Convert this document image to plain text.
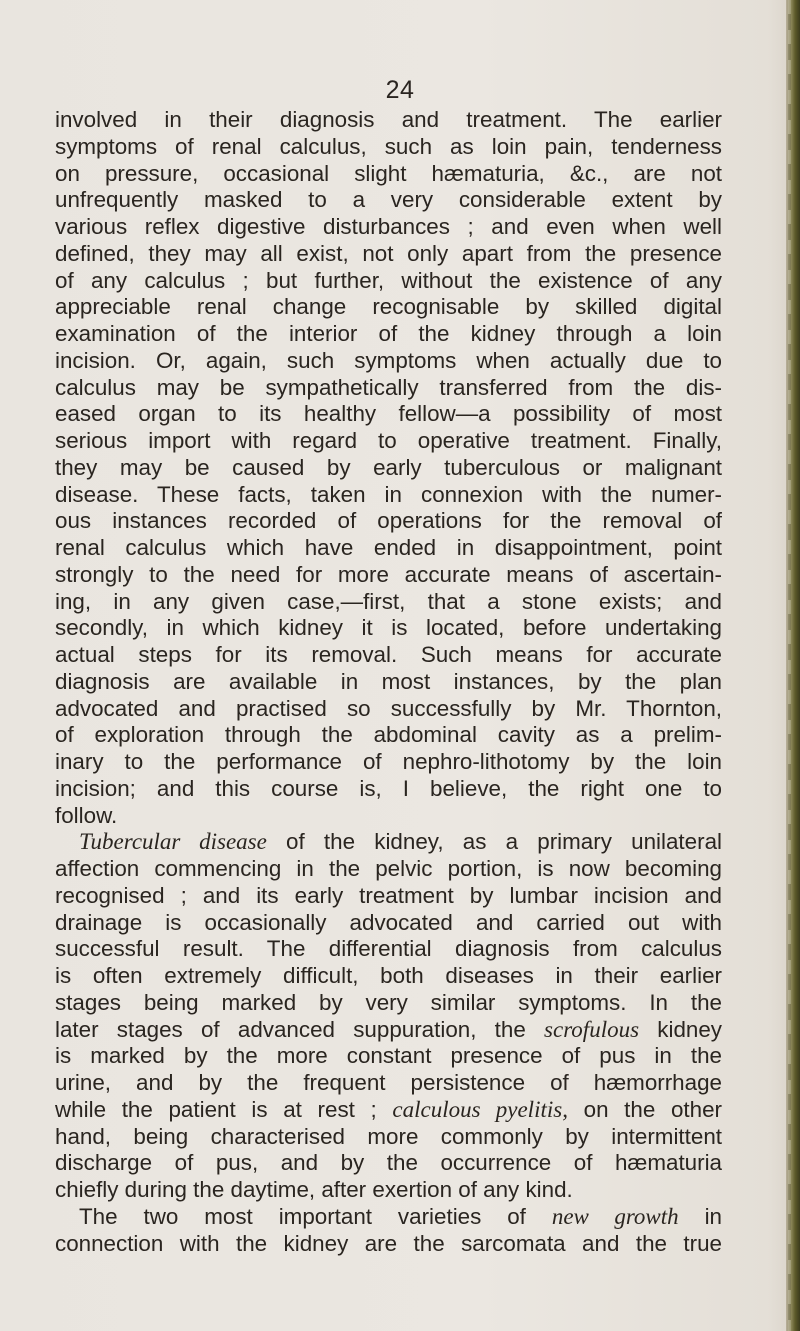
24
involved in their diagnosis and treatment. The earlier
symptoms of renal calculus, such as loin pain, tenderness
on pressure, occasional slight hæmaturia, &c., are not
unfrequently masked to a very considerable extent by
various reflex digestive disturbances ; and even when well
defined, they may all exist, not only apart from the presence
of any calculus ; but further, without the existence of any
appreciable renal change recognisable by skilled digital
examination of the interior of the kidney through a loin
incision. Or, again, such symptoms when actually due to
calculus may be sympathetically transferred from the dis-
eased organ to its healthy fellow—a possibility of most
serious import with regard to operative treatment. Finally,
they may be caused by early tuberculous or malignant
disease. These facts, taken in connexion with the numer-
ous instances recorded of operations for the removal of
renal calculus which have ended in disappointment, point
strongly to the need for more accurate means of ascertain-
ing, in any given case,—first, that a stone exists; and
secondly, in which kidney it is located, before undertaking
actual steps for its removal. Such means for accurate
diagnosis are available in most instances, by the plan
advocated and practised so successfully by Mr. Thornton,
of exploration through the abdominal cavity as a prelim-
inary to the performance of nephro-lithotomy by the loin
incision; and this course is, I believe, the right one to
follow.
Tubercular disease of the kidney, as a primary unilateral
affection commencing in the pelvic portion, is now becoming
recognised ; and its early treatment by lumbar incision and
drainage is occasionally advocated and carried out with
successful result. The differential diagnosis from calculus
is often extremely difficult, both diseases in their earlier
stages being marked by very similar symptoms. In the
later stages of advanced suppuration, the scrofulous kidney
is marked by the more constant presence of pus in the
urine, and by the frequent persistence of hæmorrhage
while the patient is at rest ; calculous pyelitis, on the other
hand, being characterised more commonly by intermittent
discharge of pus, and by the occurrence of hæmaturia
chiefly during the daytime, after exertion of any kind.
The two most important varieties of new growth in
connection with the kidney are the sarcomata and the true
